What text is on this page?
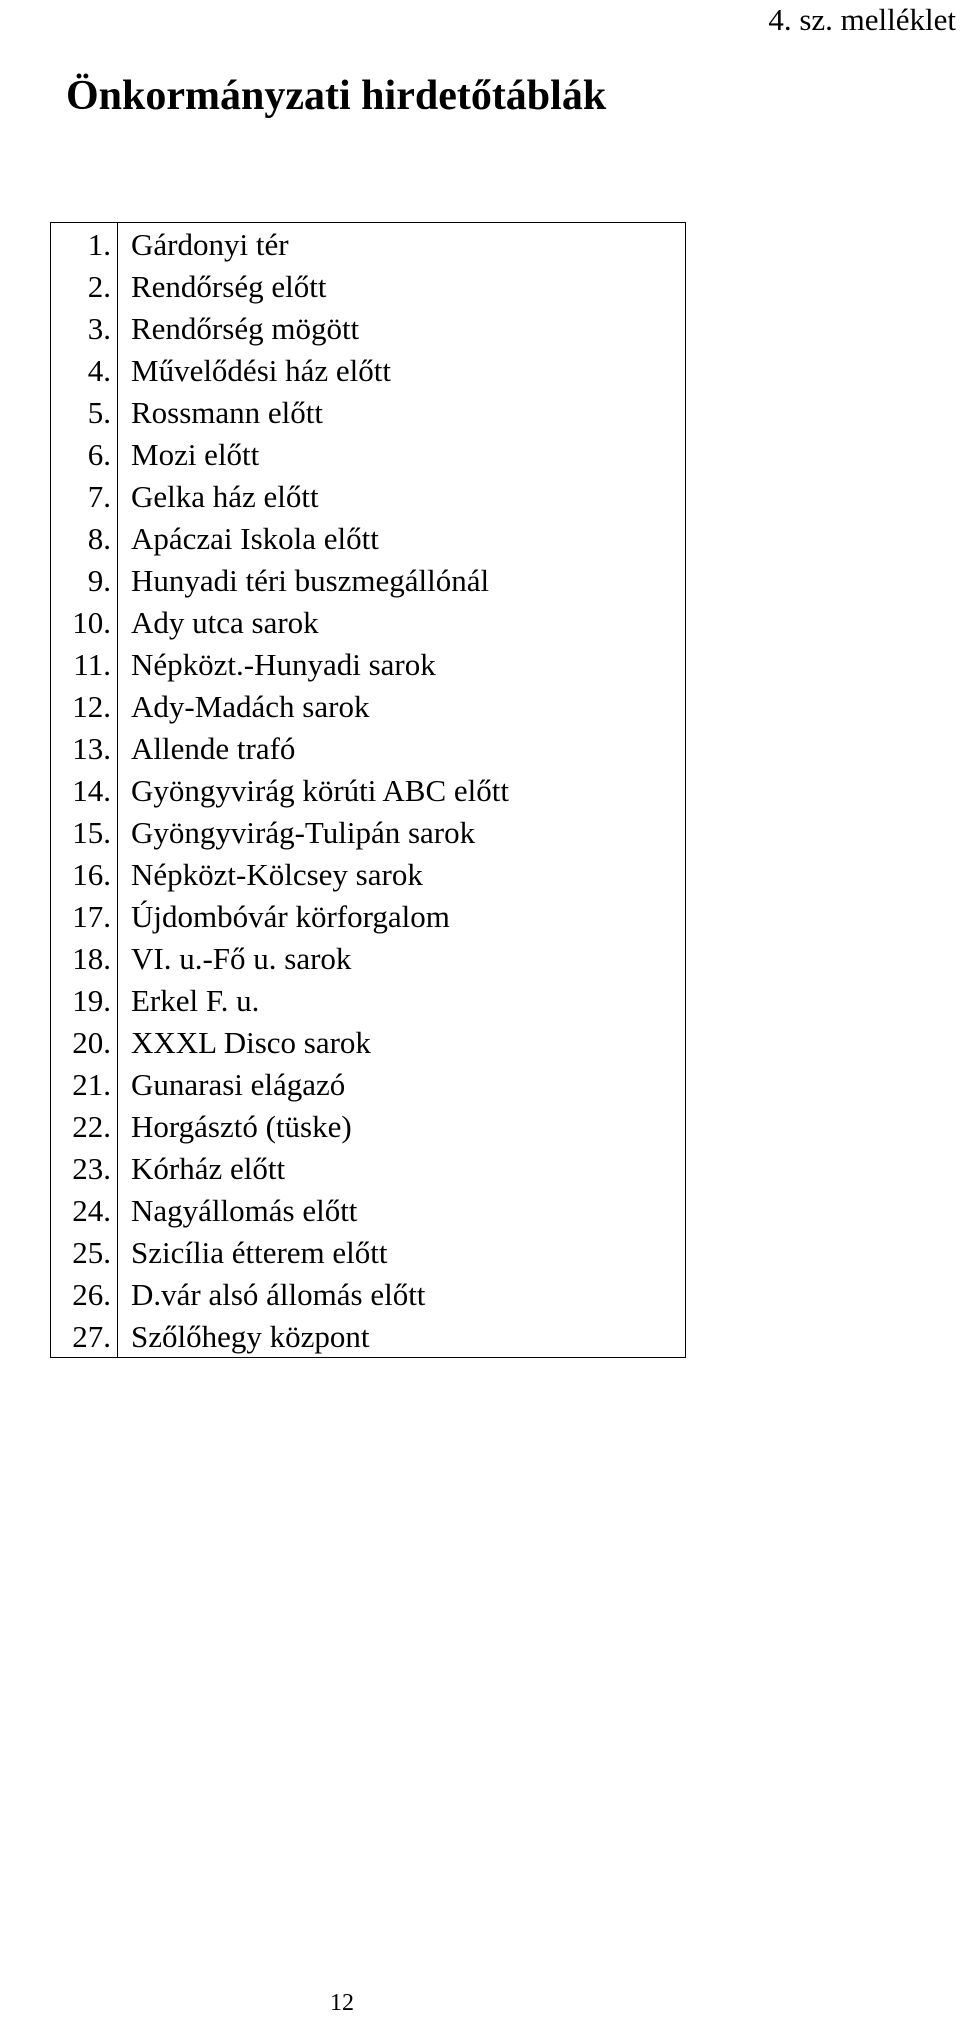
4. sz. melléklet
Önkormányzati hirdetőtáblák
1.	Gárdonyi tér
2.	Rendőrség előtt
3.	Rendőrség mögött
4.	Művelődési ház előtt
5.	Rossmann előtt
6.	Mozi előtt
7.	Gelka ház előtt
8.	Apáczai Iskola előtt
9.	Hunyadi téri buszmegállónál
10.	Ady utca sarok
11.	Népközt.-Hunyadi sarok
12.	Ady-Madách sarok
13.	Allende trafó
14.	Gyöngyvirág körúti ABC előtt
15.	Gyöngyvirág-Tulipán sarok
16.	Népközt-Kölcsey sarok
17.	Újdombóvár körforgalom
18.	VI. u.-Fő u. sarok
19.	Erkel F. u.
20.	XXXL Disco sarok
21.	Gunarasi elágazó
22.	Horgásztó (tüske)
23.	Kórház előtt
24.	Nagyállomás előtt
25.	Szicília étterem előtt
26.	D.vár alsó állomás előtt
27.	Szőlőhegy központ
12
